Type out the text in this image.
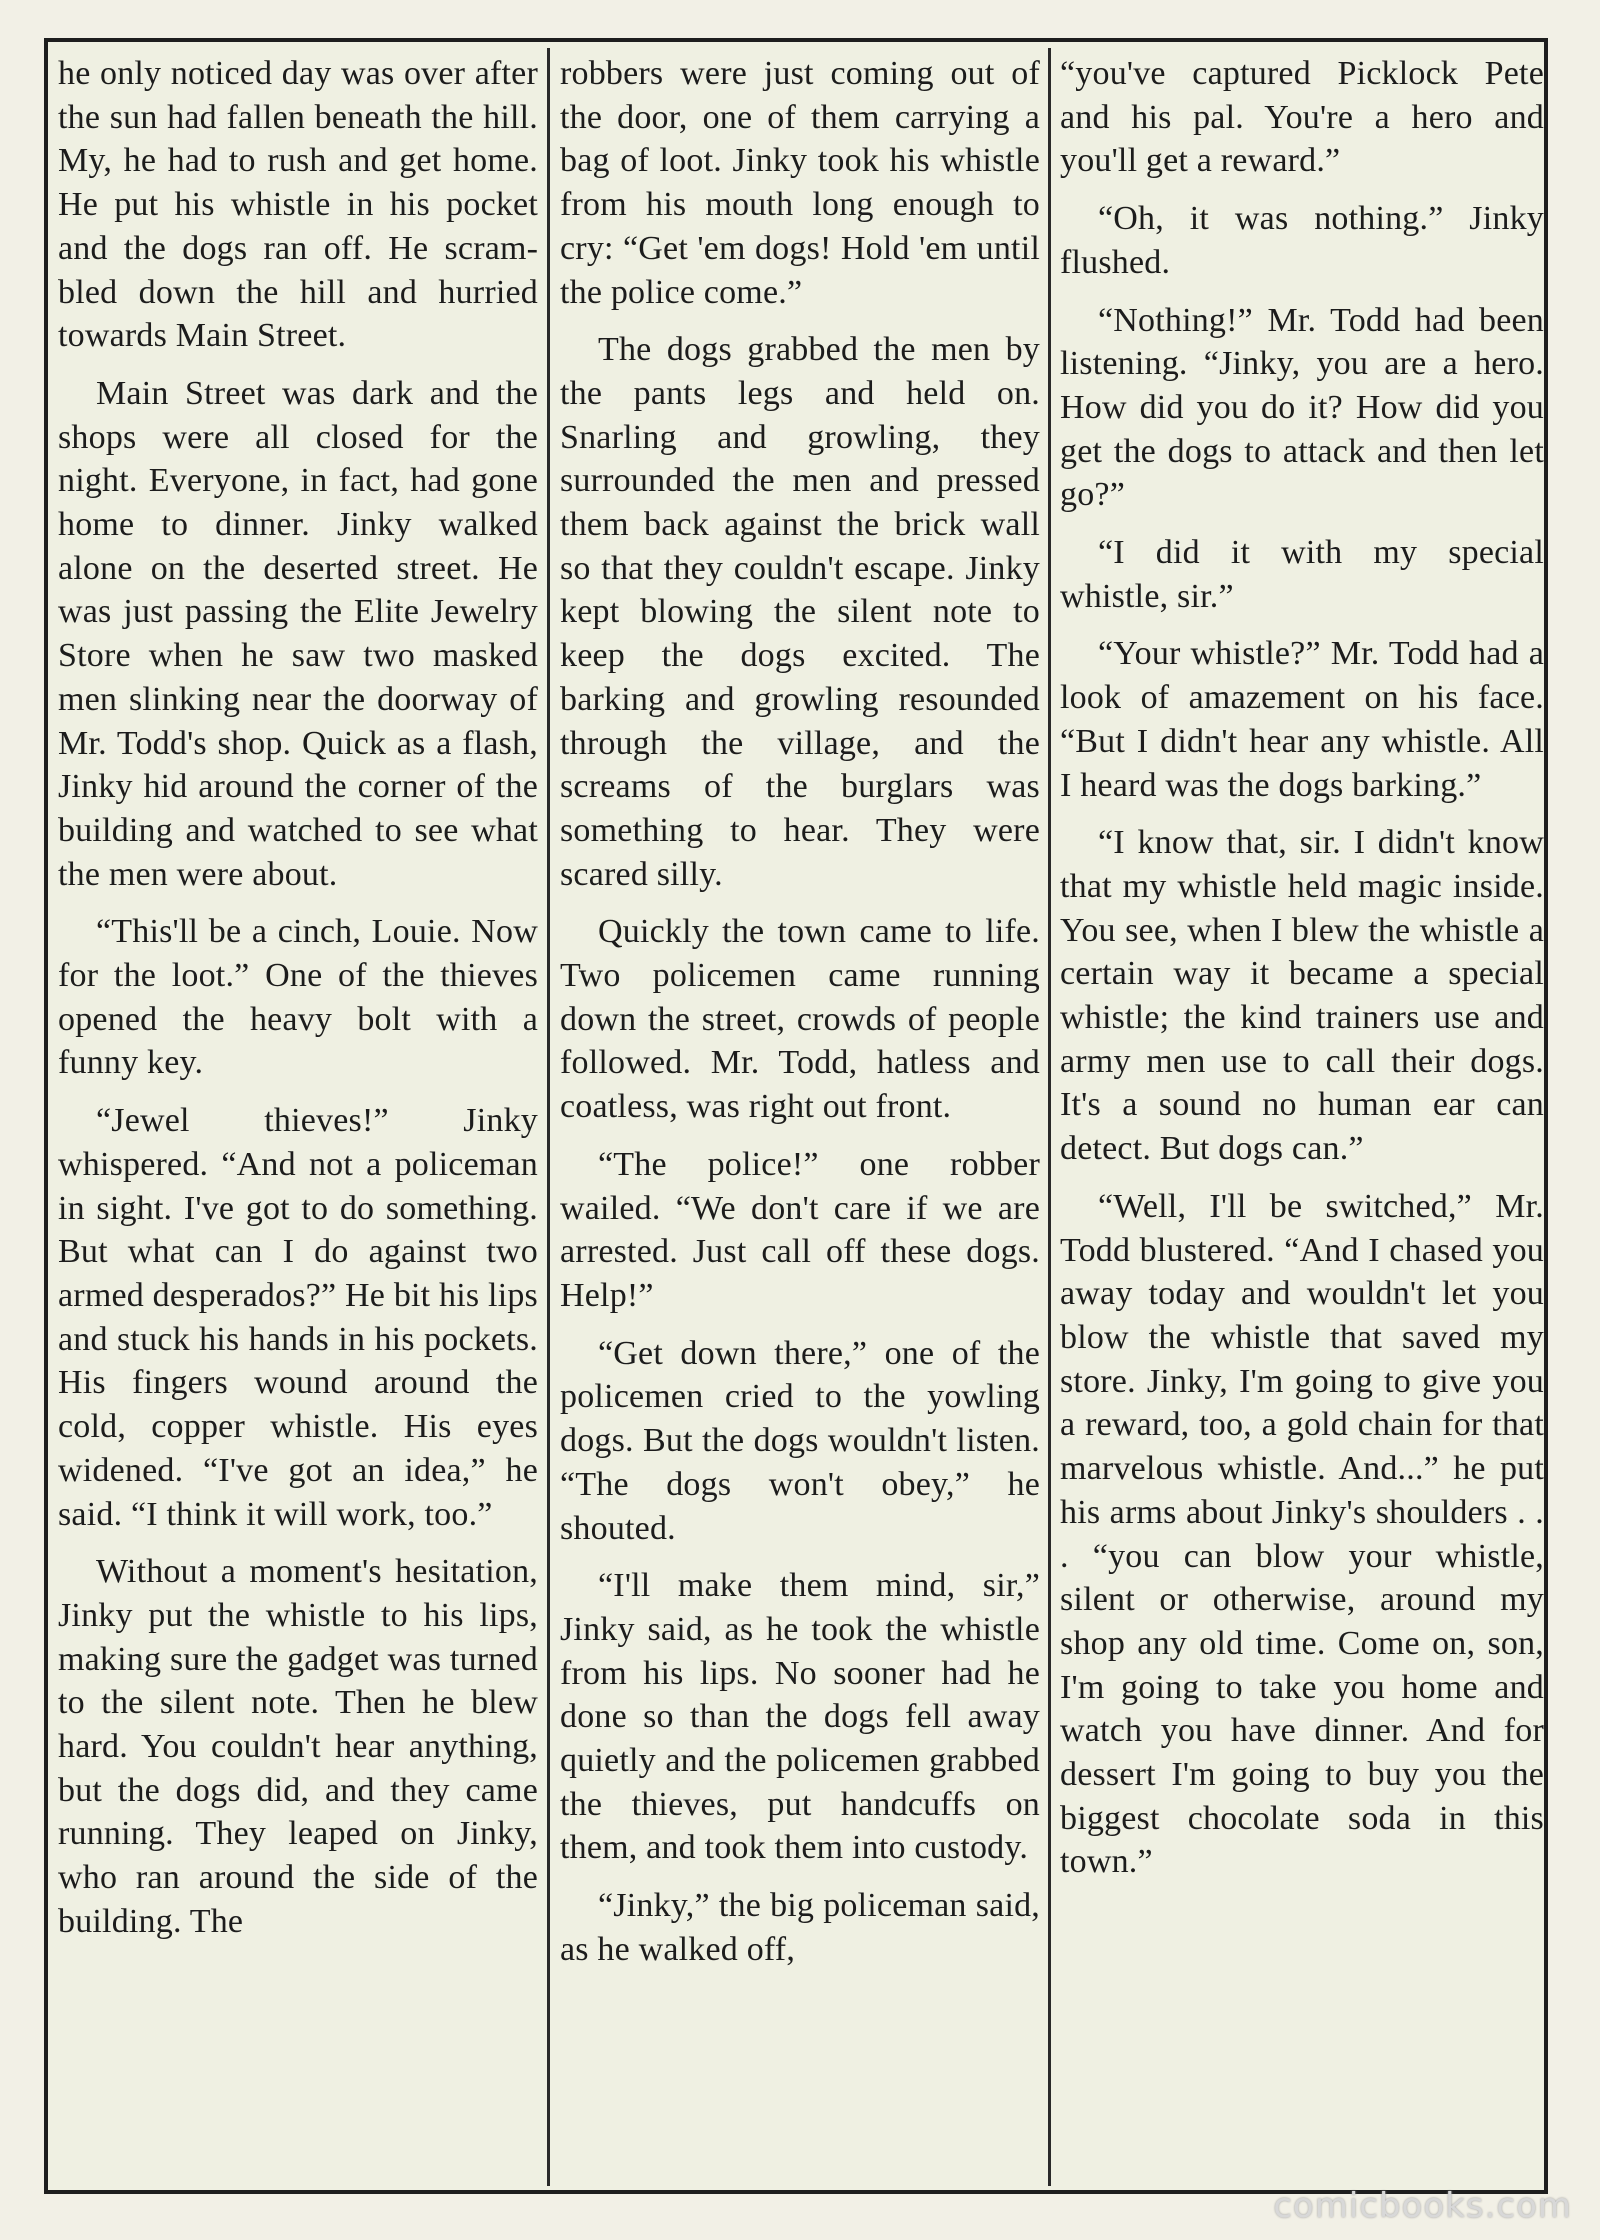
he only noticed day was over after the sun had fallen beneath the hill. My, he had to rush and get home. He put his whistle in his pocket and the dogs ran off. He scrambled down the hill and hurried towards Main Street.

Main Street was dark and the shops were all closed for the night. Everyone, in fact, had gone home to dinner. Jinky walked alone on the deserted street. He was just passing the Elite Jewelry Store when he saw two masked men slinking near the doorway of Mr. Todd's shop. Quick as a flash, Jinky hid around the corner of the building and watched to see what the men were about.

“This'll be a cinch, Louie. Now for the loot.” One of the thieves opened the heavy bolt with a funny key.

“Jewel thieves!” Jinky whispered. “And not a policeman in sight. I've got to do something. But what can I do against two armed desperados?” He bit his lips and stuck his hands in his pockets. His fingers wound around the cold, copper whistle. His eyes widened. “I've got an idea,” he said. “I think it will work, too.”

Without a moment's hesitation, Jinky put the whistle to his lips, making sure the gadget was turned to the silent note. Then he blew hard. You couldn't hear anything, but the dogs did, and they came running. They leaped on Jinky, who ran around the side of the building. The

robbers were just coming out of the door, one of them carrying a bag of loot. Jinky took his whistle from his mouth long enough to cry: “Get 'em dogs! Hold 'em until the police come.”

The dogs grabbed the men by the pants legs and held on. Snarling and growling, they surrounded the men and pressed them back against the brick wall so that they couldn't escape. Jinky kept blowing the silent note to keep the dogs excited. The barking and growling resounded through the village, and the screams of the burglars was something to hear. They were scared silly.

Quickly the town came to life. Two policemen came running down the street, crowds of people followed. Mr. Todd, hatless and coatless, was right out front.

“The police!” one robber wailed. “We don't care if we are arrested. Just call off these dogs. Help!”

“Get down there,” one of the policemen cried to the yowling dogs. But the dogs wouldn't listen. “The dogs won't obey,” he shouted.

“I'll make them mind, sir,” Jinky said, as he took the whistle from his lips. No sooner had he done so than the dogs fell away quietly and the policemen grabbed the thieves, put handcuffs on them, and took them into custody.

“Jinky,” the big policeman said, as he walked off,

“you've captured Picklock Pete and his pal. You're a hero and you'll get a reward.”

“Oh, it was nothing.” Jinky flushed.

“Nothing!” Mr. Todd had been listening. “Jinky, you are a hero. How did you do it? How did you get the dogs to attack and then let go?”

“I did it with my special whistle, sir.”

“Your whistle?” Mr. Todd had a look of amazement on his face. “But I didn't hear any whistle. All I heard was the dogs barking.”

“I know that, sir. I didn't know that my whistle held magic inside. You see, when I blew the whistle a certain way it became a special whistle; the kind trainers use and army men use to call their dogs. It's a sound no human ear can detect. But dogs can.”

“Well, I'll be switched,” Mr. Todd blustered. “And I chased you away today and wouldn't let you blow the whistle that saved my store. Jinky, I'm going to give you a reward, too, a gold chain for that marvelous whistle. And...” he put his arms about Jinky's shoulders . . . “you can blow your whistle, silent or otherwise, around my shop any old time. Come on, son, I'm going to take you home and watch you have dinner. And for dessert I'm going to buy you the biggest chocolate soda in this town.”

comicbooks.com
